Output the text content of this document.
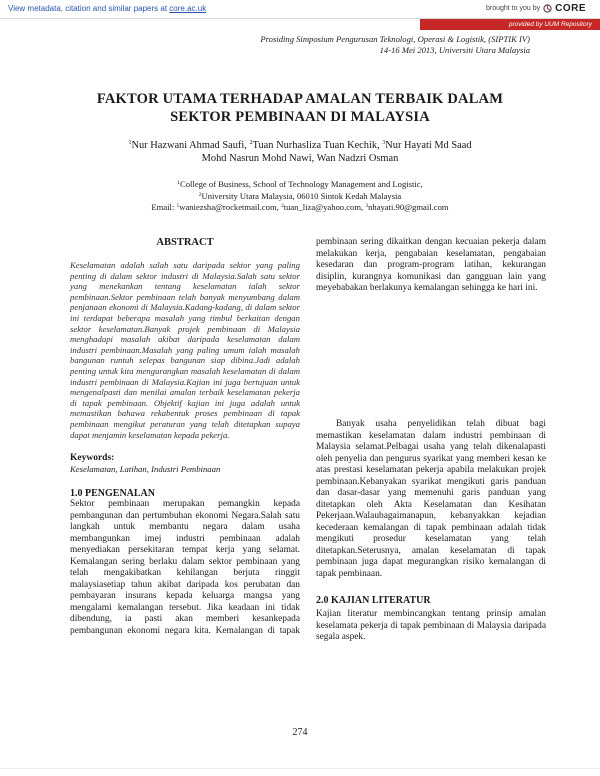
View metadata, citation and similar papers at core.ac.uk	brought to you by CORE
provided by UUM Repository
Prosiding Simposium Pengurusan Teknologi, Operasi & Logistik, (SIPTIK IV)
14-16 Mei 2013, Universiti Utara Malaysia
FAKTOR UTAMA TERHADAP AMALAN TERBAIK DALAM
SEKTOR PEMBINAAN DI MALAYSIA
$^1$Nur Hazwani Ahmad Saufi, $^2$Tuan Nurhasliza Tuan Kechik, $^3$Nur Hayati Md Saad
Mohd Nasrun Mohd Nawi, Wan Nadzri Osman
$^1$College of Business, School of Technology Management and Logistic,
$^2$University Utara Malaysia, 06010 Sintok Kedah Malaysia
Email: $^1$waniezsha@rocketmail.com, $^2$tuan_liza@yahoo.com, $^3$nhayati.90@gmail.com
ABSTRACT

Keselamatan adalah salah satu daripada sektor yang paling penting di dalam sektor industri di Malaysia.Salah satu sektor yang menekankan tentang keselamatan ialah sektor pembinaan.Sektor pembinaan telah banyak menyumbang dalam penjanaan ekonomi di Malaysia.Kadang-kadang, di dalam sektor ini terdapat beberapa masalah yang timbul berkaitan dengan sektor keselamatan.Banyak projek pembinaan di Malaysia menghadapi masalah akibat daripada keselamatan dalam industri pembinaan.Masalah yang paling umum ialah masalah bangunan runtuh selepas bangunan siap dibina.Jadi adalah penting untuk kita mengurangkan masalah keselamatan di dalam industri pembinaan di Malaysia.Kajian ini juga bertujuan untuk mengenalpasti dan menilai amalan terbaik keselamatan pekerja di tapak pembinaan. Objektif kajian ini juga adalah untuk memastikan bahawa rekabentuk proses pembinaan di tapak pembinaan mengikut peraturan yang telah ditetapkan supaya dapat menjamin keselamatan kepada pekerja.

Keywords:
Keselamatan, Latihan, Industri Pembinaan
1.0 PENGENALAN

Sektor pembinaan merupakan pemangkin kepada pembangunan dan pertumbuhan ekonomi Negara.Salah satu langkah untuk membantu negara dalam usaha membangunkan imej industri pembinaan adalah menyediakan persekitaran tempat kerja yang selamat. Kemalangan sering berlaku dalam sektor pembinaan yang telah mengakibatkan kehilangan berjuta ringgit malaysiasetiap tahun akibat daripada kos perubatan dan pembayaran insurans kepada keluarga mangsa yang mengalami kemalangan tersebut. Jika keadaan ini tidak dibendung, ia pasti akan memberi kesankepada pembangunan ekonomi negara kita. Kemalangan di tapak

pembinaan sering dikaitkan dengan kecuaian pekerja dalam melakukan kerja, pengabaian keselamatan, pengabaian kesedaran dan program-program latihan, kekurangan disiplin, kurangnya komunikasi dan gangguan lain yang meyebabakan berlakunya kemalangan sehingga ke hari ini.

Banyak usaha penyelidikan telah dibuat bagi memastikan keselamatan dalam industri pembinaan di Malaysia selamat.Pelbagai usaha yang telah dikenalapasti oleh penyelia dan pengurus syarikat yang memberi kesan ke atas prestasi keselamatan pekerja apabila melakukan projek pembinaan.Kebanyakan syarikat mengikuti garis panduan dan dasar-dasar yang memenuhi garis panduan yang ditetapkan oleh Akta Keselamatan dan Kesihatan Pekerjaan.Walaubagaimanapun, kebanyakkan kejadian kecederaan kemalangan di tapak pembinaan adalah tidak mengikuti prosedur keselamatan yang telah ditetapkan.Seterusnya, amalan keselamatan di tapak pembinaan juga dapat megurangkan risiko kemalangan di tapak pembinaan.

2.0 KAJIAN LITERATUR

Kajian literatur membincangkan tentang prinsip amalan keselamata pekerja di tapak pembinaan di Malaysia daripada segala aspek.

274
